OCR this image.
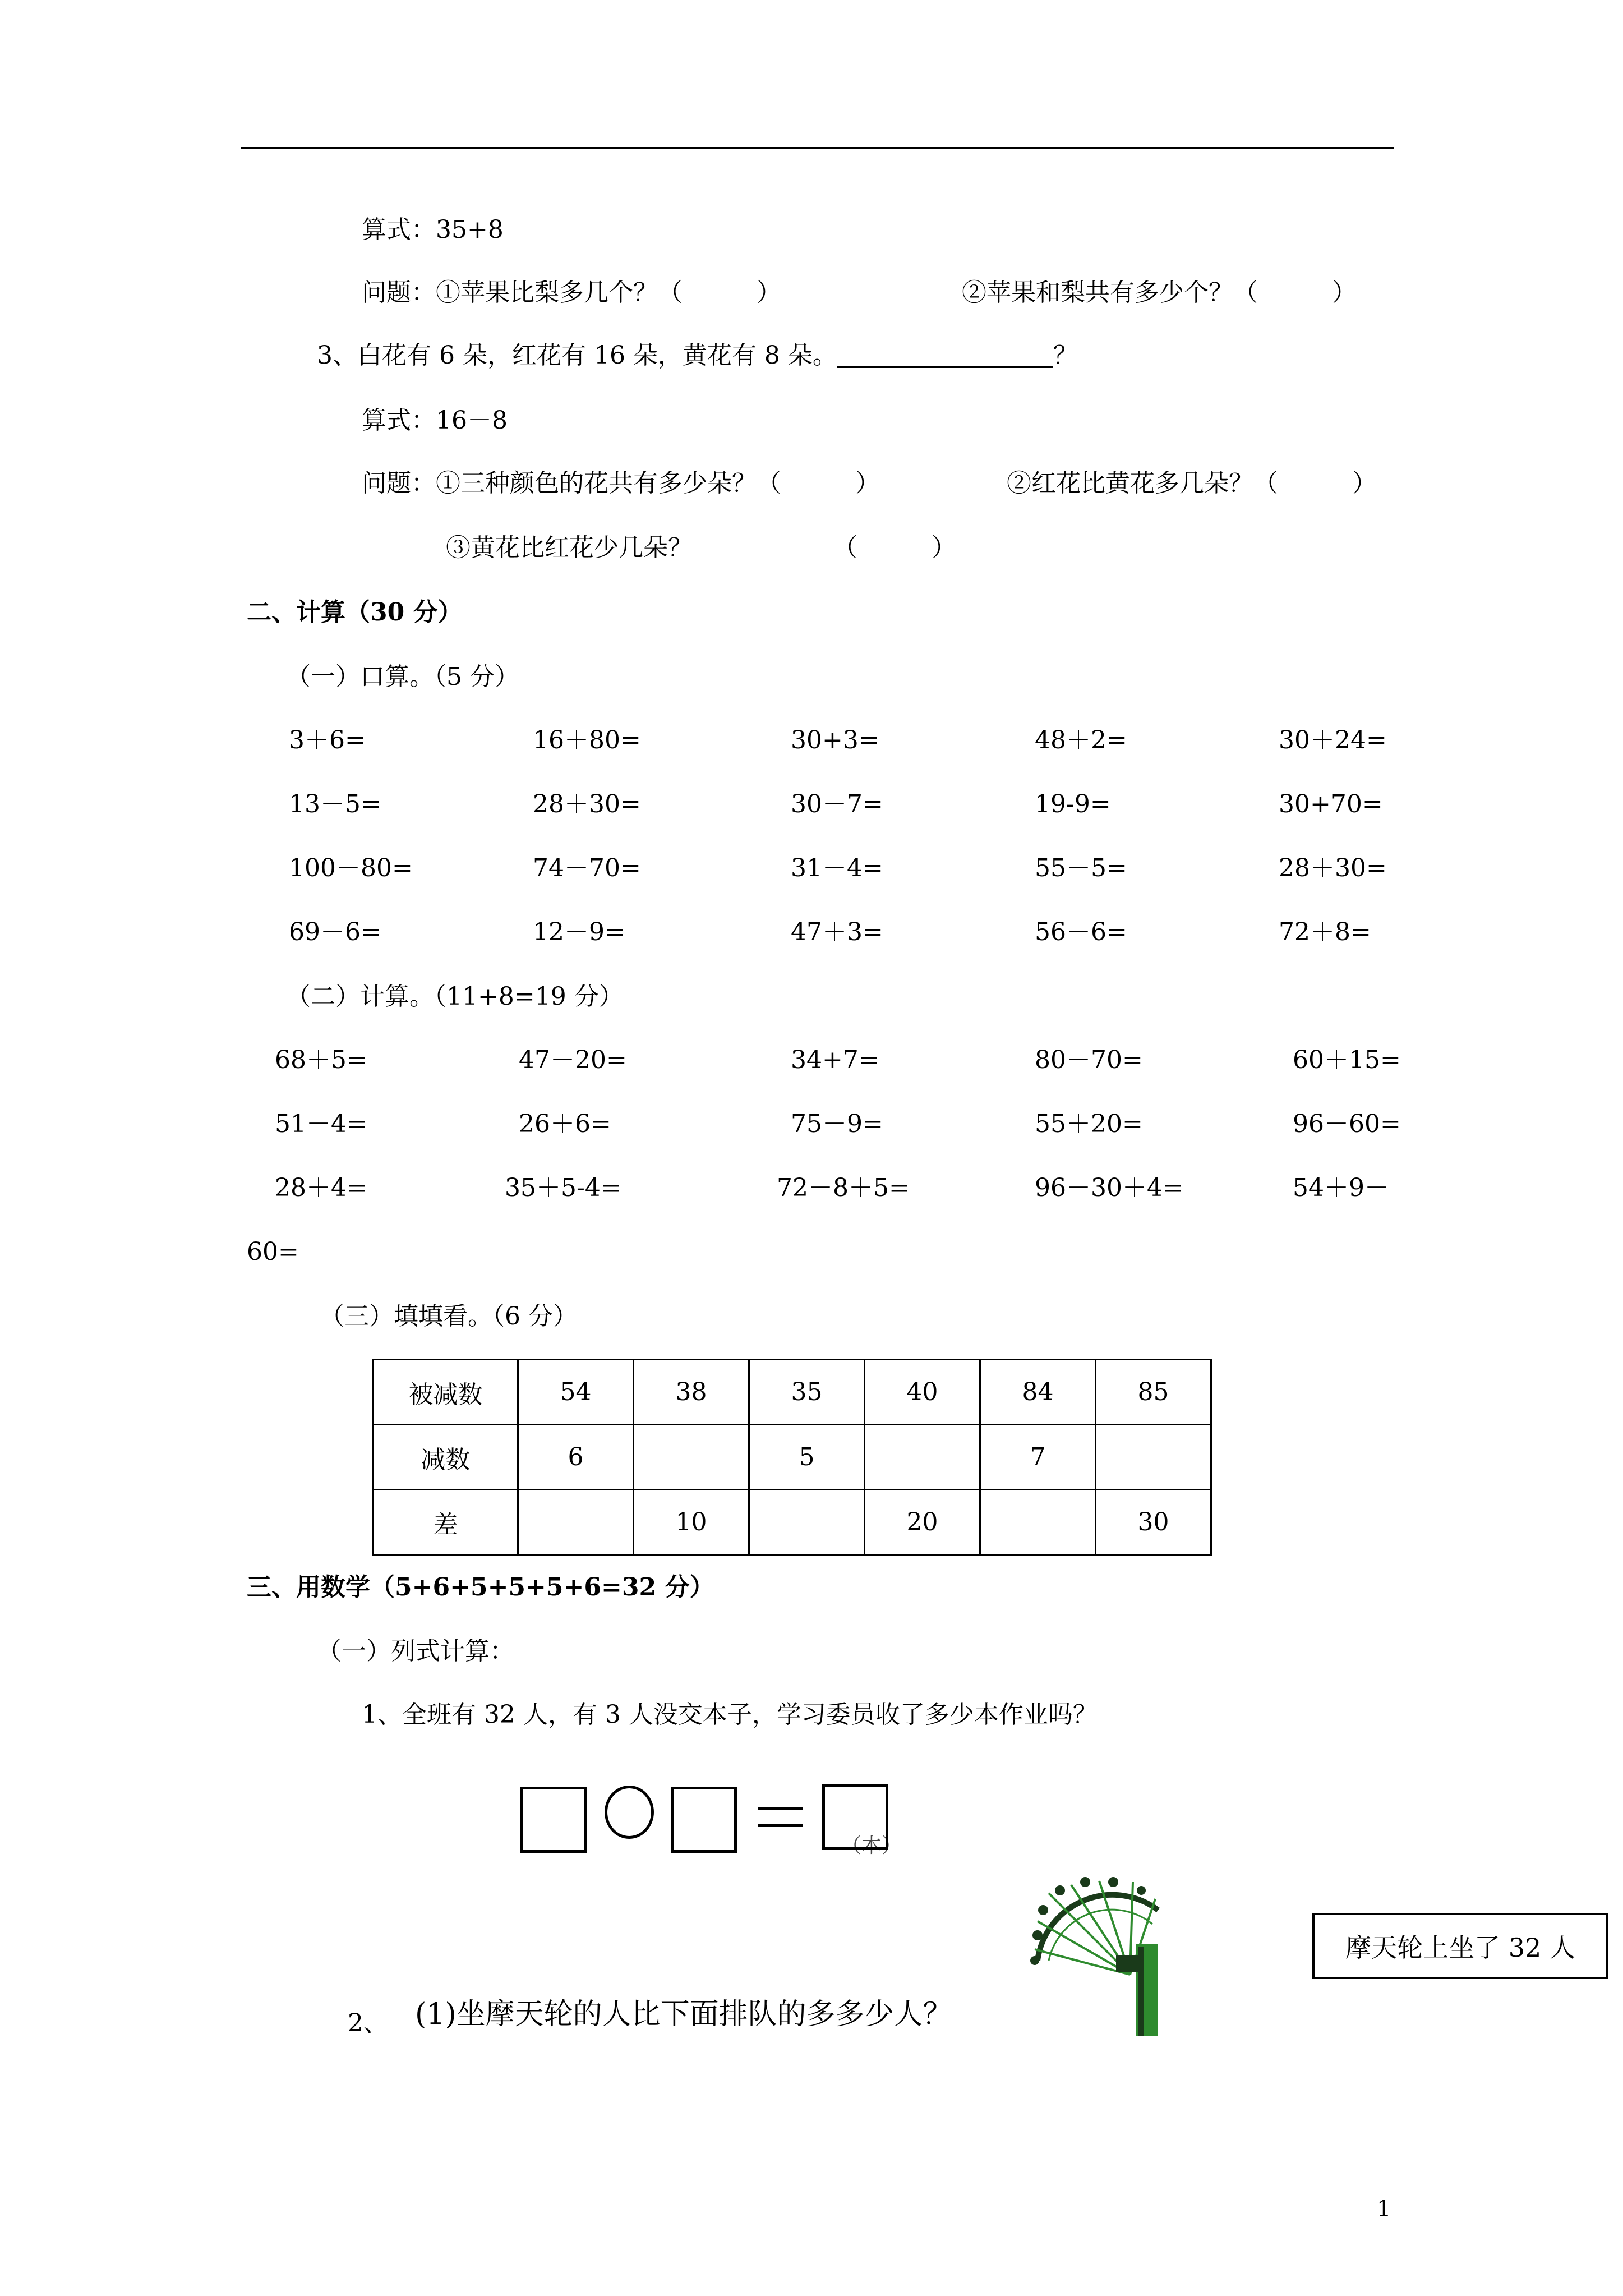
算式：35+8
问题：①苹果比梨多几个？（　　　）	②苹果和梨共有多少个？（　　　）
3、白花有 6 朵，红花有 16 朵，黄花有 8 朵。	？
算式：16－8
问题：①三种颜色的花共有多少朵？（　　　）	②红花比黄花多几朵？（　　　）
③黄花比红花少几朵？	（　　　）
二、计算（30 分）
（一）口算。（5 分）
3＋6=	16＋80=	30+3=	48＋2=	30＋24=
13－5=	28＋30=	30－7=	19-9=	30+70=
100－80=	74－70=	31－4=	55－5=	28＋30=
69－6=	12－9=	47＋3=	56－6=	72＋8=
（二）计算。（11+8=19 分）
68＋5=	47－20=	34+7=	80－70=	60＋15=
51－4=	26＋6=	75－9=	55＋20=	96－60=
28＋4=	35＋5-4=	72－8＋5=	96－30＋4=	54＋9－
60=
（三）填填看。（6 分）
被减数	54	38	35	40	84	85
减数	6		5		7	
差		10		20		30
三、用数学（5+6+5+5+5+6=32 分）
（一）列式计算：
1、全班有 32 人，有 3 人没交本子，学习委员收了多少本作业吗？
（本）
2、 (1)坐摩天轮的人比下面排队的多多少人？
摩天轮上坐了 32 人
1
